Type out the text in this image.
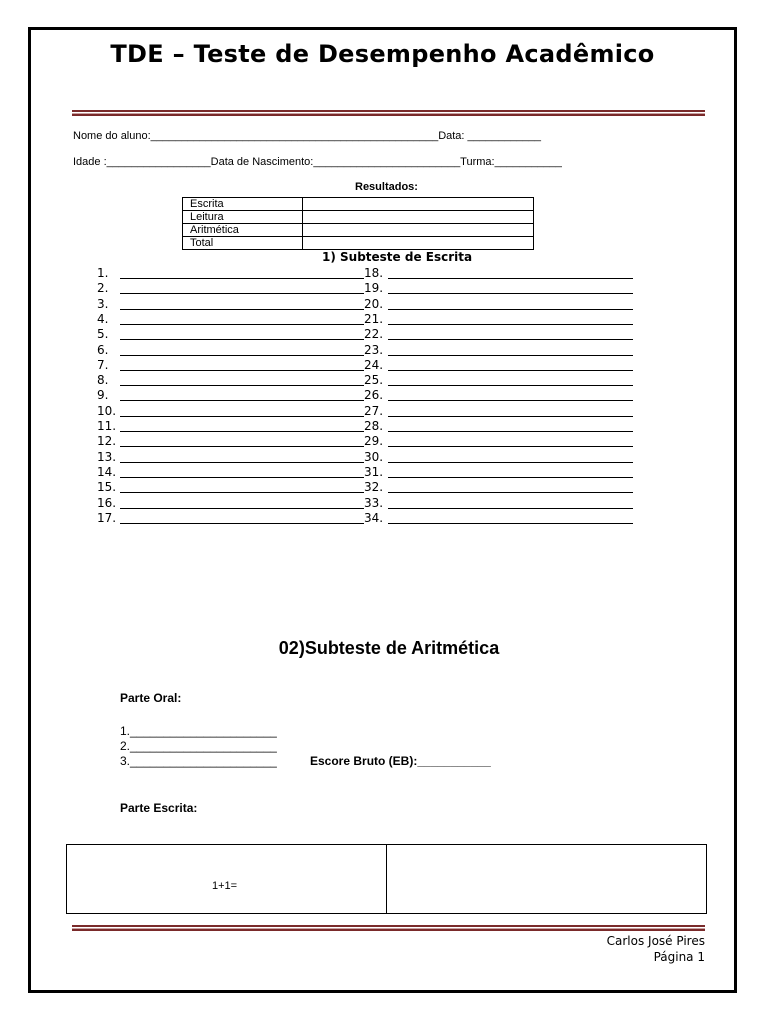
TDE – Teste de Desempenho Acadêmico
Nome do aluno:_______________________________________________Data: ____________
Idade :_________________Data de Nascimento:________________________Turma:___________
Resultados:
Escrita	
Leitura	
Aritmética	
Total	
1) Subteste de Escrita
1.	18.
2.	19.
3.	20.
4.	21.
5.	22.
6.	23.
7.	24.
8.	25.
9.	26.
10.	27.
11.	28.
12.	29.
13.	30.
14.	31.
15.	32.
16.	33.
17.	34.
02)Subteste de Aritmética
Parte Oral:
1.______________________
2.______________________
3.______________________	Escore Bruto (EB):___________
Parte Escrita:
1+1=
Carlos José Pires
Página 1
